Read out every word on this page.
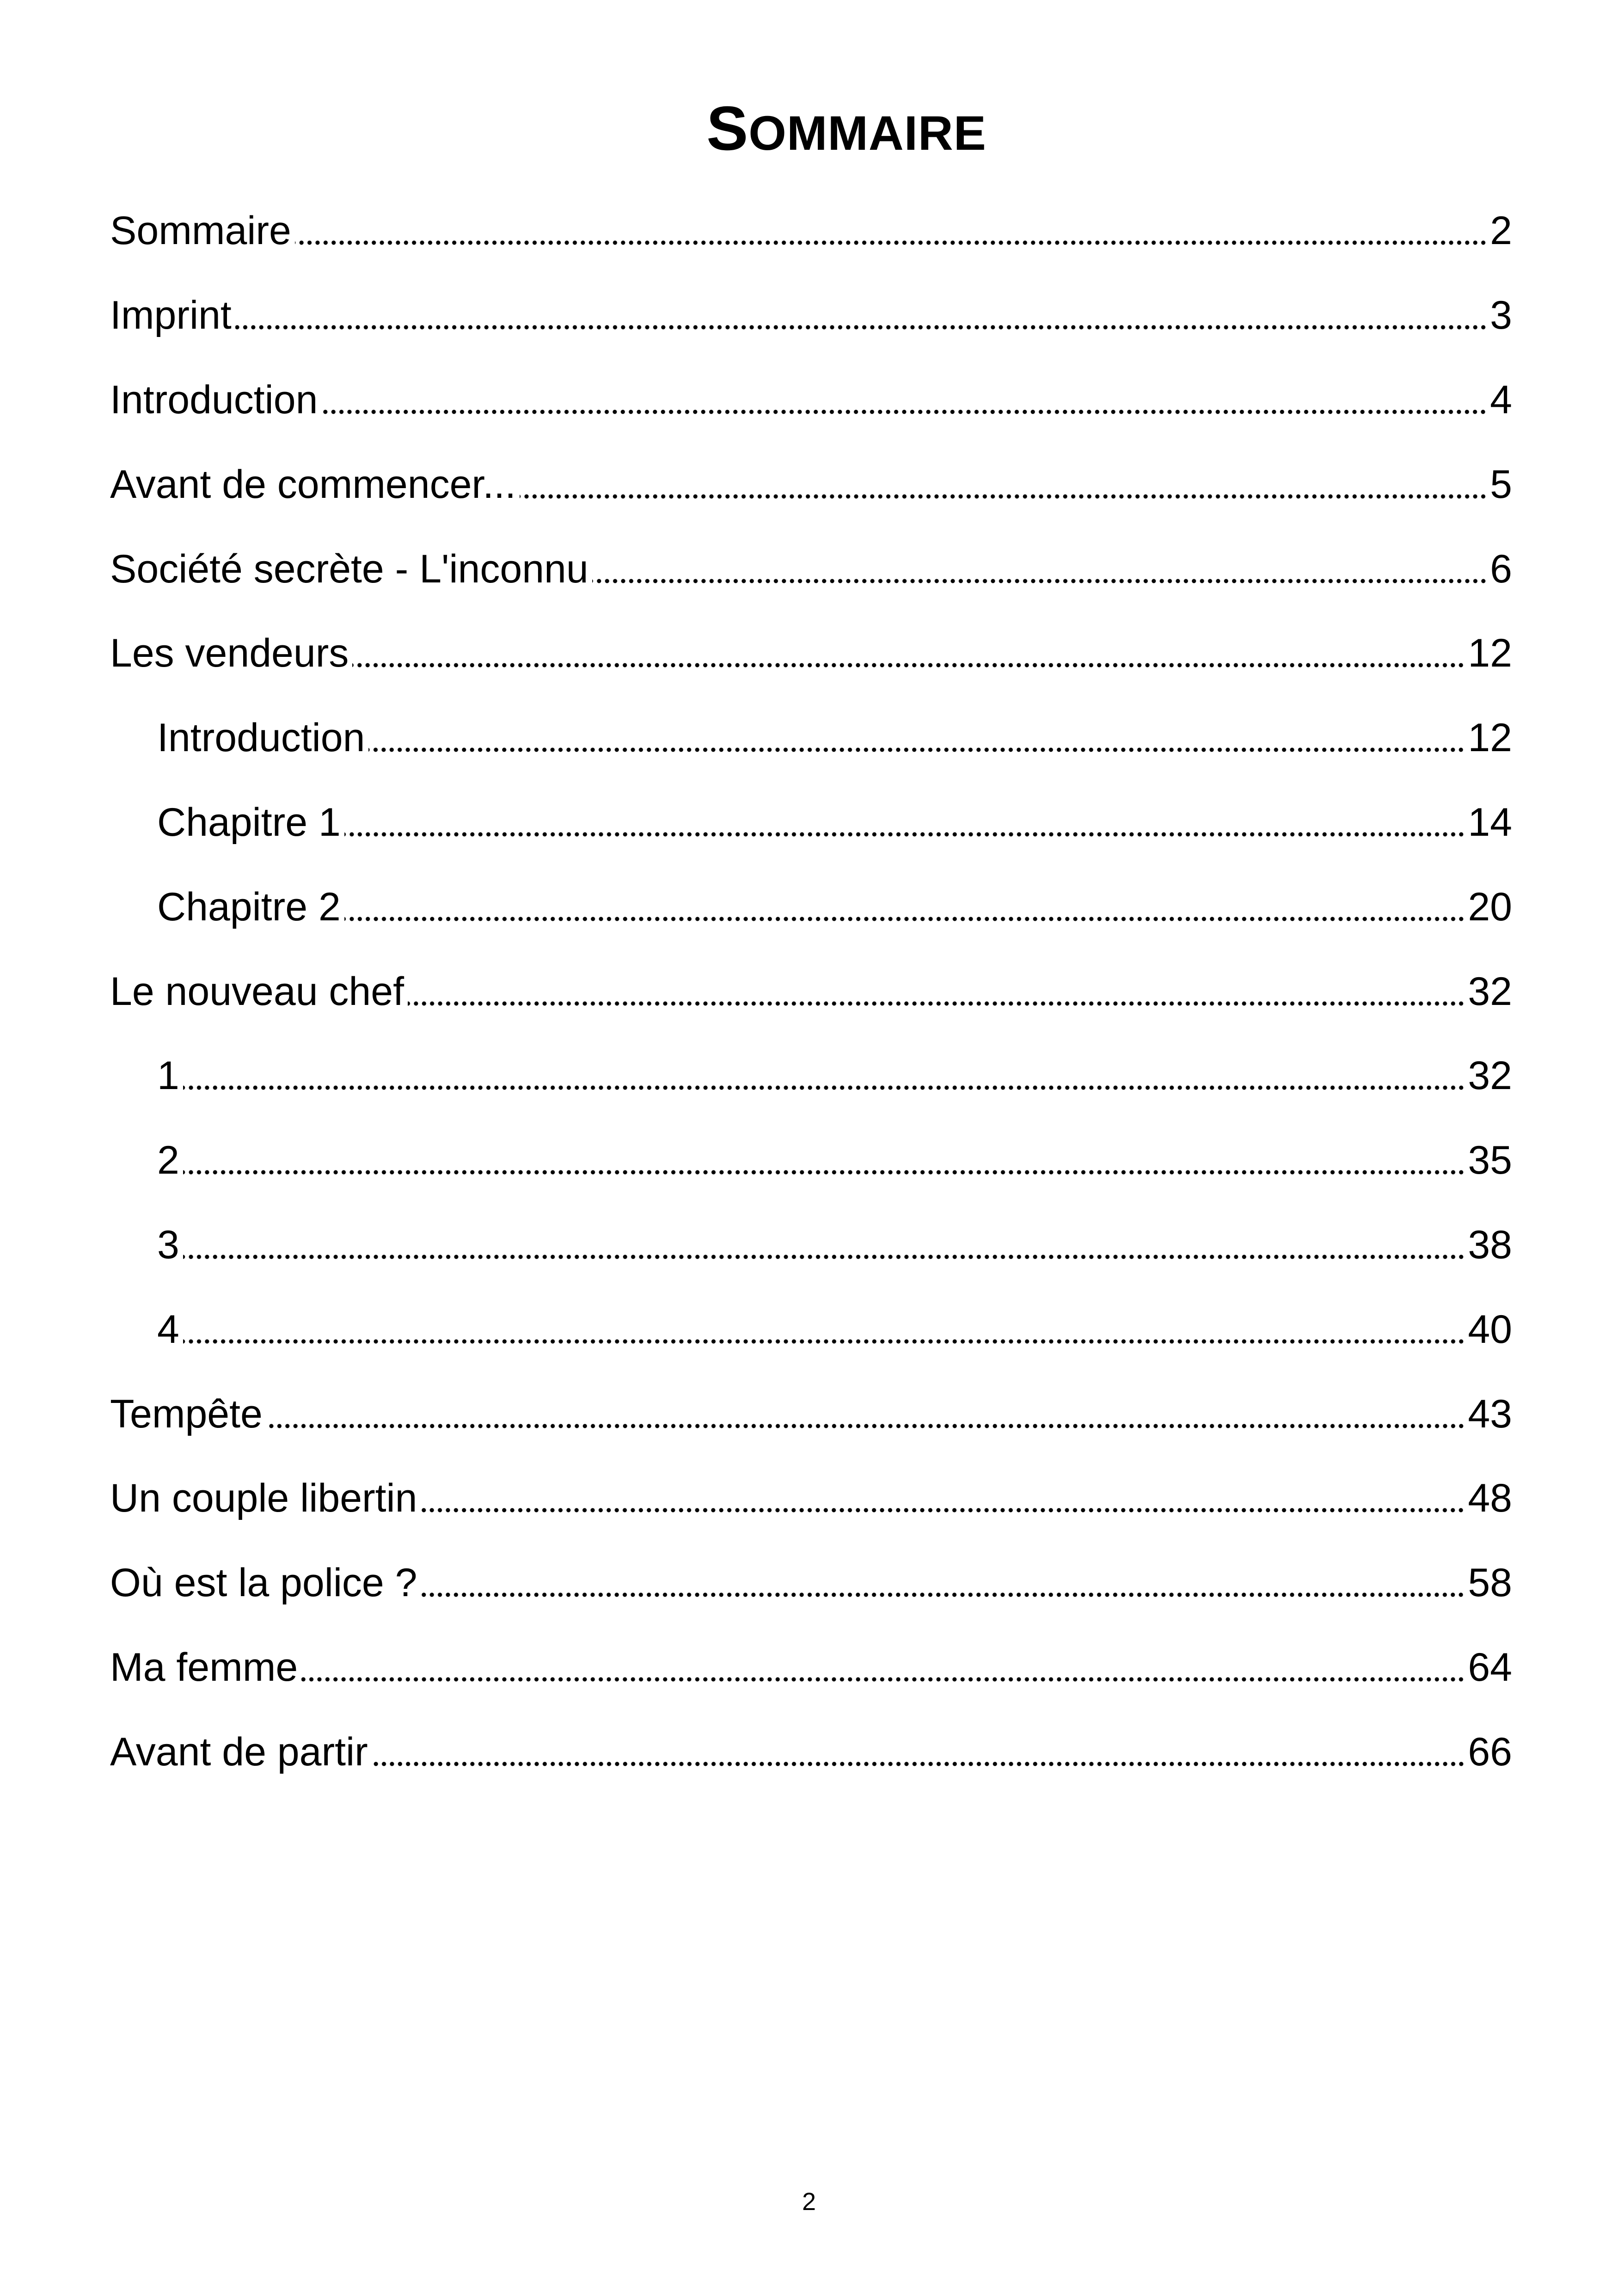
SOMMAIRE
Sommaire	2
Imprint	3
Introduction	4
Avant de commencer...	5
Société secrète - L'inconnu	6
Les vendeurs	12
Introduction	12
Chapitre 1	14
Chapitre 2	20
Le nouveau chef	32
1	32
2	35
3	38
4	40
Tempête	43
Un couple libertin	48
Où est la police ?	58
Ma femme	64
Avant de partir	66
2
